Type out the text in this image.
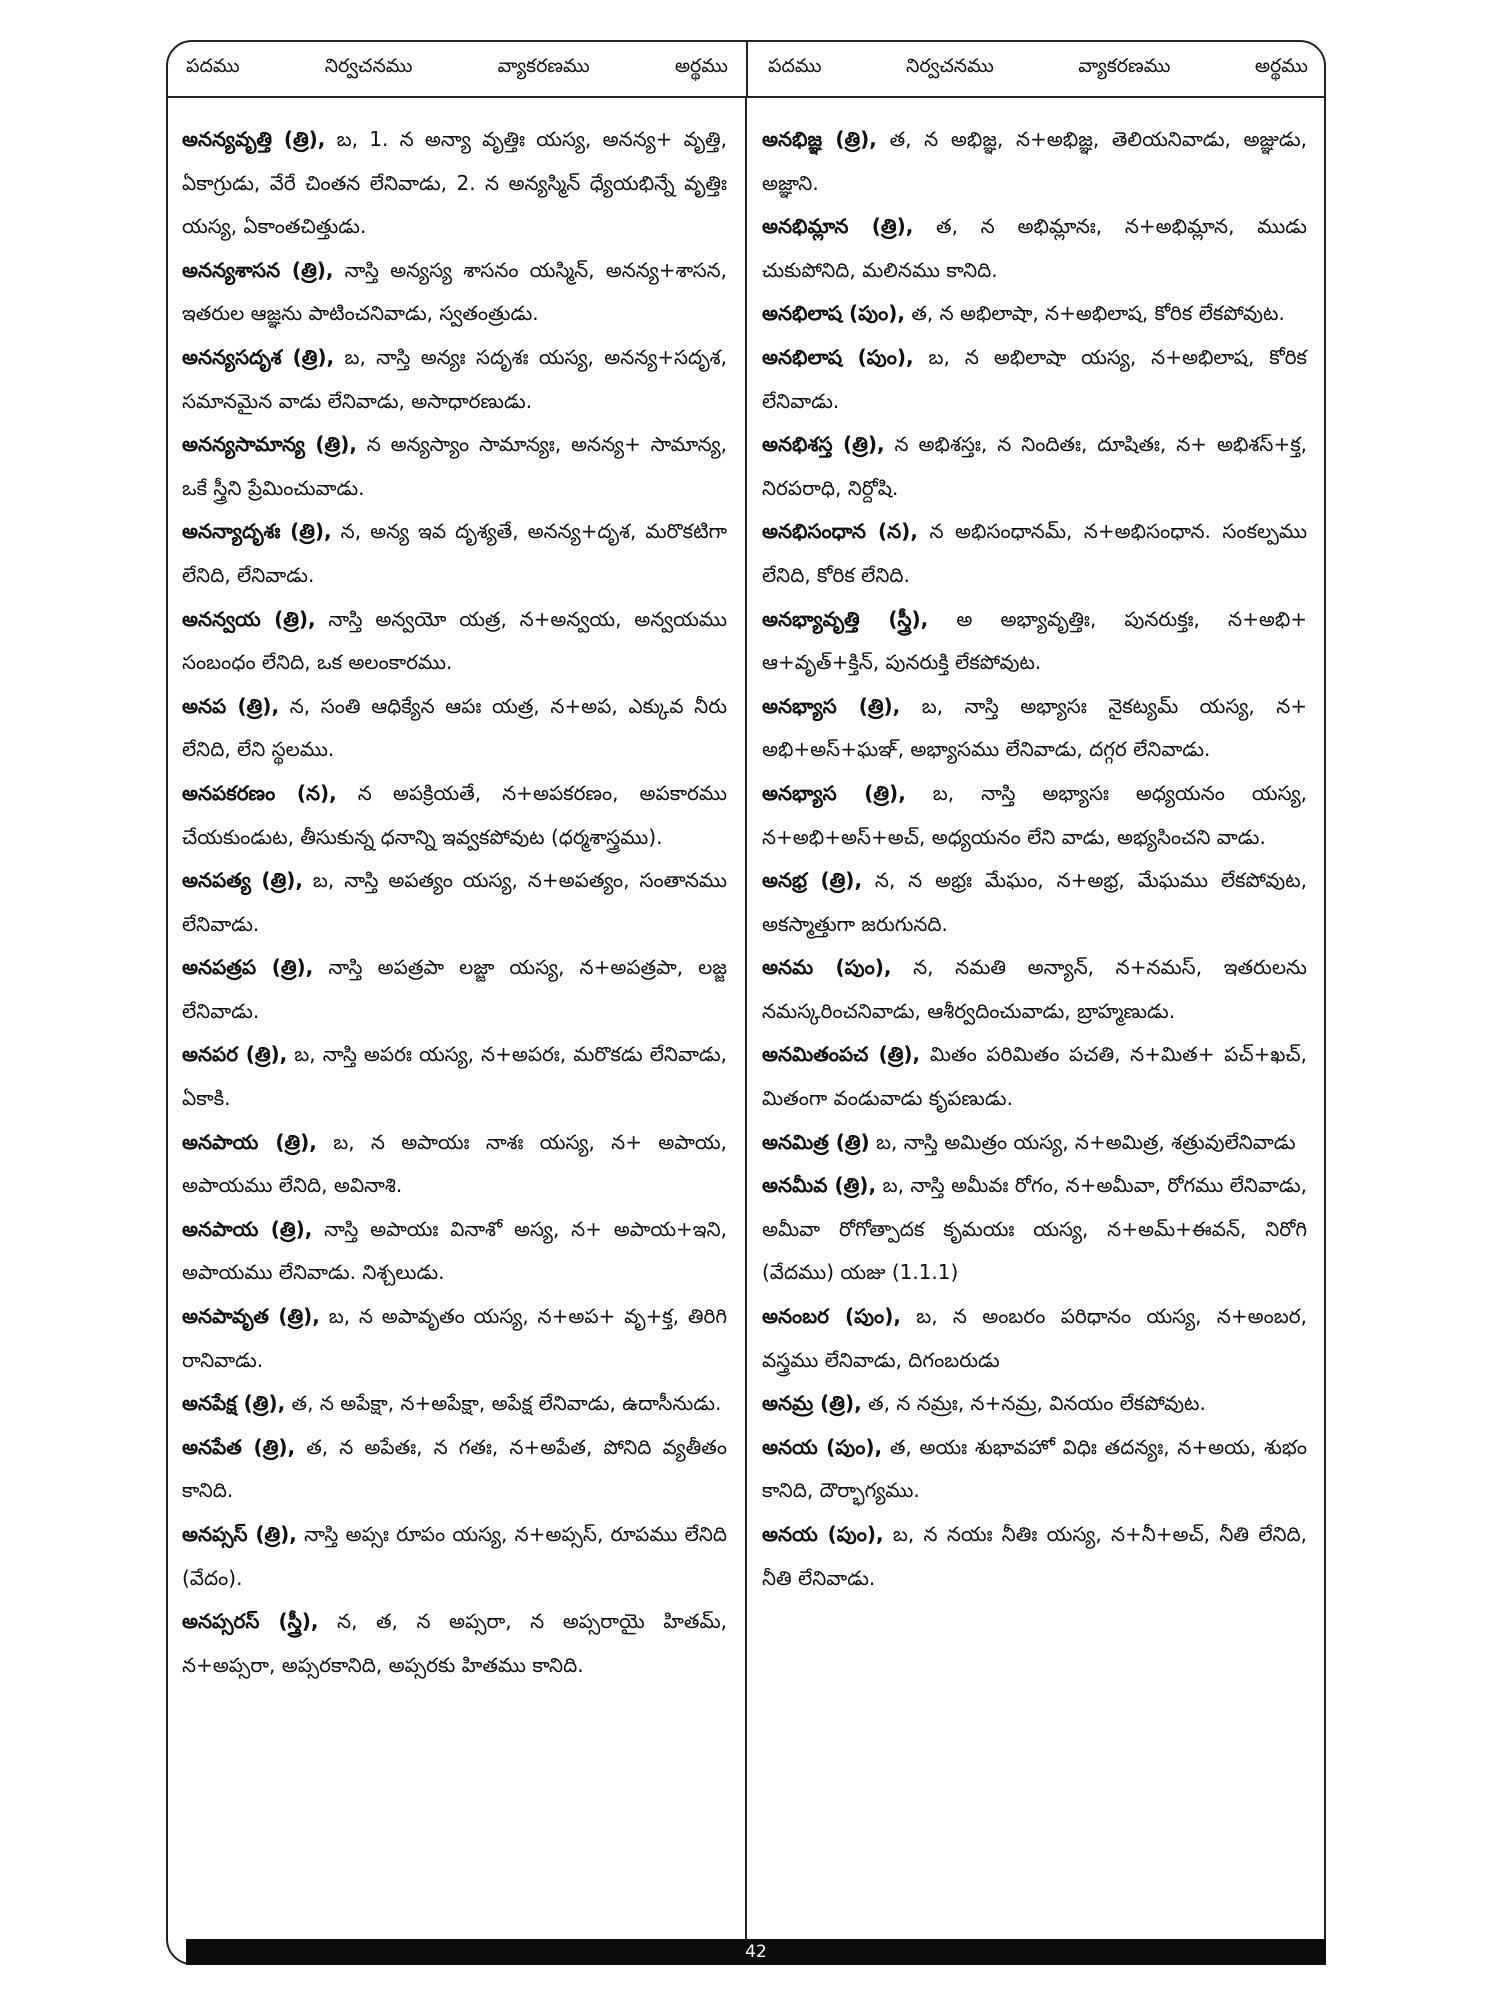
పదము	నిర్వచనము	వ్యాకరణము	అర్థము పదము	నిర్వచనము	వ్యాకరణము	అర్థము

అనన్యవృత్తి (త్రి), బ, 1. న అన్యా వృత్తిః యస్య, అనన్య+ వృత్తి, ఏకాగ్రుడు, వేరే చింతన లేనివాడు, 2. న అన్యస్మిన్ ధ్యేయభిన్నే వృత్తిః యస్య, ఏకాంతచిత్తుడు.

అనన్యశాసన (త్రి), నాస్తి అన్యస్య శాసనం యస్మిన్, అనన్య+శాసన, ఇతరుల ఆజ్ఞను పాటించనివాడు, స్వతంత్రుడు.

అనన్యసదృశ (త్రి), బ, నాస్తి అన్యః సదృశః యస్య, అనన్య+సదృశ, సమానమైన వాడు లేనివాడు, అసాధారణుడు.

అనన్యసామాన్య (త్రి), న అన్యస్యాం సామాన్యః, అనన్య+ సామాన్య, ఒకే స్త్రీని ప్రేమించువాడు.

అనన్యాదృశః (త్రి), న, అన్య ఇవ దృశ్యతే, అనన్య+దృశ, మరొకటిగా లేనిది, లేనివాడు.

అనన్వయ (త్రి), నాస్తి అన్వయో యత్ర, న+అన్వయ, అన్వయము సంబంధం లేనిది, ఒక అలంకారము.

అనప (త్రి), న, సంతి ఆధిక్యేన ఆపః యత్ర, న+అప, ఎక్కువ నీరు లేనిది, లేని స్థలము.

అనపకరణం (న), న అపక్రియతే, న+అపకరణం, అపకారము చేయకుండుట, తీసుకున్న ధనాన్ని ఇవ్వకపోవుట (ధర్మశాస్త్రము).

అనపత్య (త్రి), బ, నాస్తి అపత్యం యస్య, న+అపత్యం, సంతానము లేనివాడు.

అనపత్రప (త్రి), నాస్తి అపత్రపా లజ్జా యస్య, న+అపత్రపా, లజ్జ లేనివాడు.

అనపర (త్రి), బ, నాస్తి అపరః యస్య, న+అపరః, మరొకడు లేనివాడు, ఏకాకి.

అనపాయ (త్రి), బ, న అపాయః నాశః యస్య, న+ అపాయ, అపాయము లేనిది, అవినాశి.

అనపాయ (త్రి), నాస్తి అపాయః వినాశో అస్య, న+ అపాయ+ఇని, అపాయము లేనివాడు. నిశ్చలుడు.

అనపావృత (త్రి), బ, న అపావృతం యస్య, న+అప+ వృ+క్త, తిరిగి రానివాడు.

అనపేక్ష (త్రి), త, న అపేక్షా, న+అపేక్షా, అపేక్ష లేనివాడు, ఉదాసీనుడు.

అనపేత (త్రి), త, న అపేతః, న గతః, న+అపేత, పోనిది వ్యతీతం కానిది.

అనప్సస్ (త్రి), నాస్తి అప్సః రూపం యస్య, న+అప్సస్, రూపము లేనిది (వేదం).

అనప్సరస్ (స్త్రీ), న, త, న అప్సరా, న అప్సరాయై హితమ్, న+అప్సరా, అప్సరకానిది, అప్సరకు హితము కానిది.

అనభిజ్ఞ (త్రి), త, న అభిజ్ఞ, న+అభిజ్ఞ, తెలియనివాడు, అజ్ఞుడు, అజ్ఞాని.

అనభిమ్లాన (త్రి), త, న అభిమ్లానః, న+అభిమ్లాన, ముడు చుకుపోనిది, మలినము కానిది.

అనభిలాష (పుం), త, న అభిలాషా, న+అభిలాష, కోరిక లేకపోవుట.

అనభిలాష (పుం), బ, న అభిలాషా యస్య, న+అభిలాష, కోరిక లేనివాడు.

అనభిశస్త (త్రి), న అభిశస్తః, న నిందితః, దూషితః, న+ అభిశస్+క్త, నిరపరాధి, నిర్దోషి.

అనభిసంధాన (న), న అభిసంధానమ్, న+అభిసంధాన. సంకల్పము లేనిది, కోరిక లేనిది.

అనభ్యావృత్తి (స్త్రీ), అ అభ్యావృత్తిః, పునరుక్తః, న+అభి+ ఆ+వృత్+క్తిన్, పునరుక్తి లేకపోవుట.

అనభ్యాస (త్రి), బ, నాస్తి అభ్యాసః నైకట్యమ్ యస్య, న+ అభి+అస్+ఘఞ్, అభ్యాసము లేనివాడు, దగ్గర లేనివాడు.

అనభ్యాస (త్రి), బ, నాస్తి అభ్యాసః అధ్యయనం యస్య, న+అభి+అస్+అచ్, అధ్యయనం లేని వాడు, అభ్యసించని వాడు.

అనభ్ర (త్రి), న, న అభ్రః మేఘం, న+అభ్ర, మేఘము లేకపోవుట, అకస్మాత్తుగా జరుగునది.

అనమ (పుం), న, నమతి అన్యాన్, న+నమస్, ఇతరులను నమస్కరించనివాడు, ఆశీర్వదించువాడు, బ్రాహ్మణుడు.

అనమితంపచ (త్రి), మితం పరిమితం పచతి, న+మిత+ పచ్+ఖచ్, మితంగా వండువాడు కృపణుడు.

అనమిత్ర (త్రి) బ, నాస్తి అమిత్రం యస్య, న+అమిత్ర, శత్రువులేనివాడు

అనమీవ (త్రి), బ, నాస్తి అమీవః రోగం, న+అమీవా, రోగము లేనివాడు, అమీవా రోగోత్పాదక కృమయః యస్య, న+అమ్+ఈవన్, నిరోగి (వేదము) యజు (1.1.1)

అనంబర (పుం), బ, న అంబరం పరిధానం యస్య, న+అంబర, వస్త్రము లేనివాడు, దిగంబరుడు

అనమ్ర (త్రి), త, న నమ్రః, న+నమ్ర, వినయం లేకపోవుట.

అనయ (పుం), త, అయః శుభావహో విధిః తదన్యః, న+అయ, శుభం కానిది, దౌర్భాగ్యము.

అనయ (పుం), బ, న నయః నీతిః యస్య, న+నీ+అచ్, నీతి లేనిది, నీతి లేనివాడు.

42
